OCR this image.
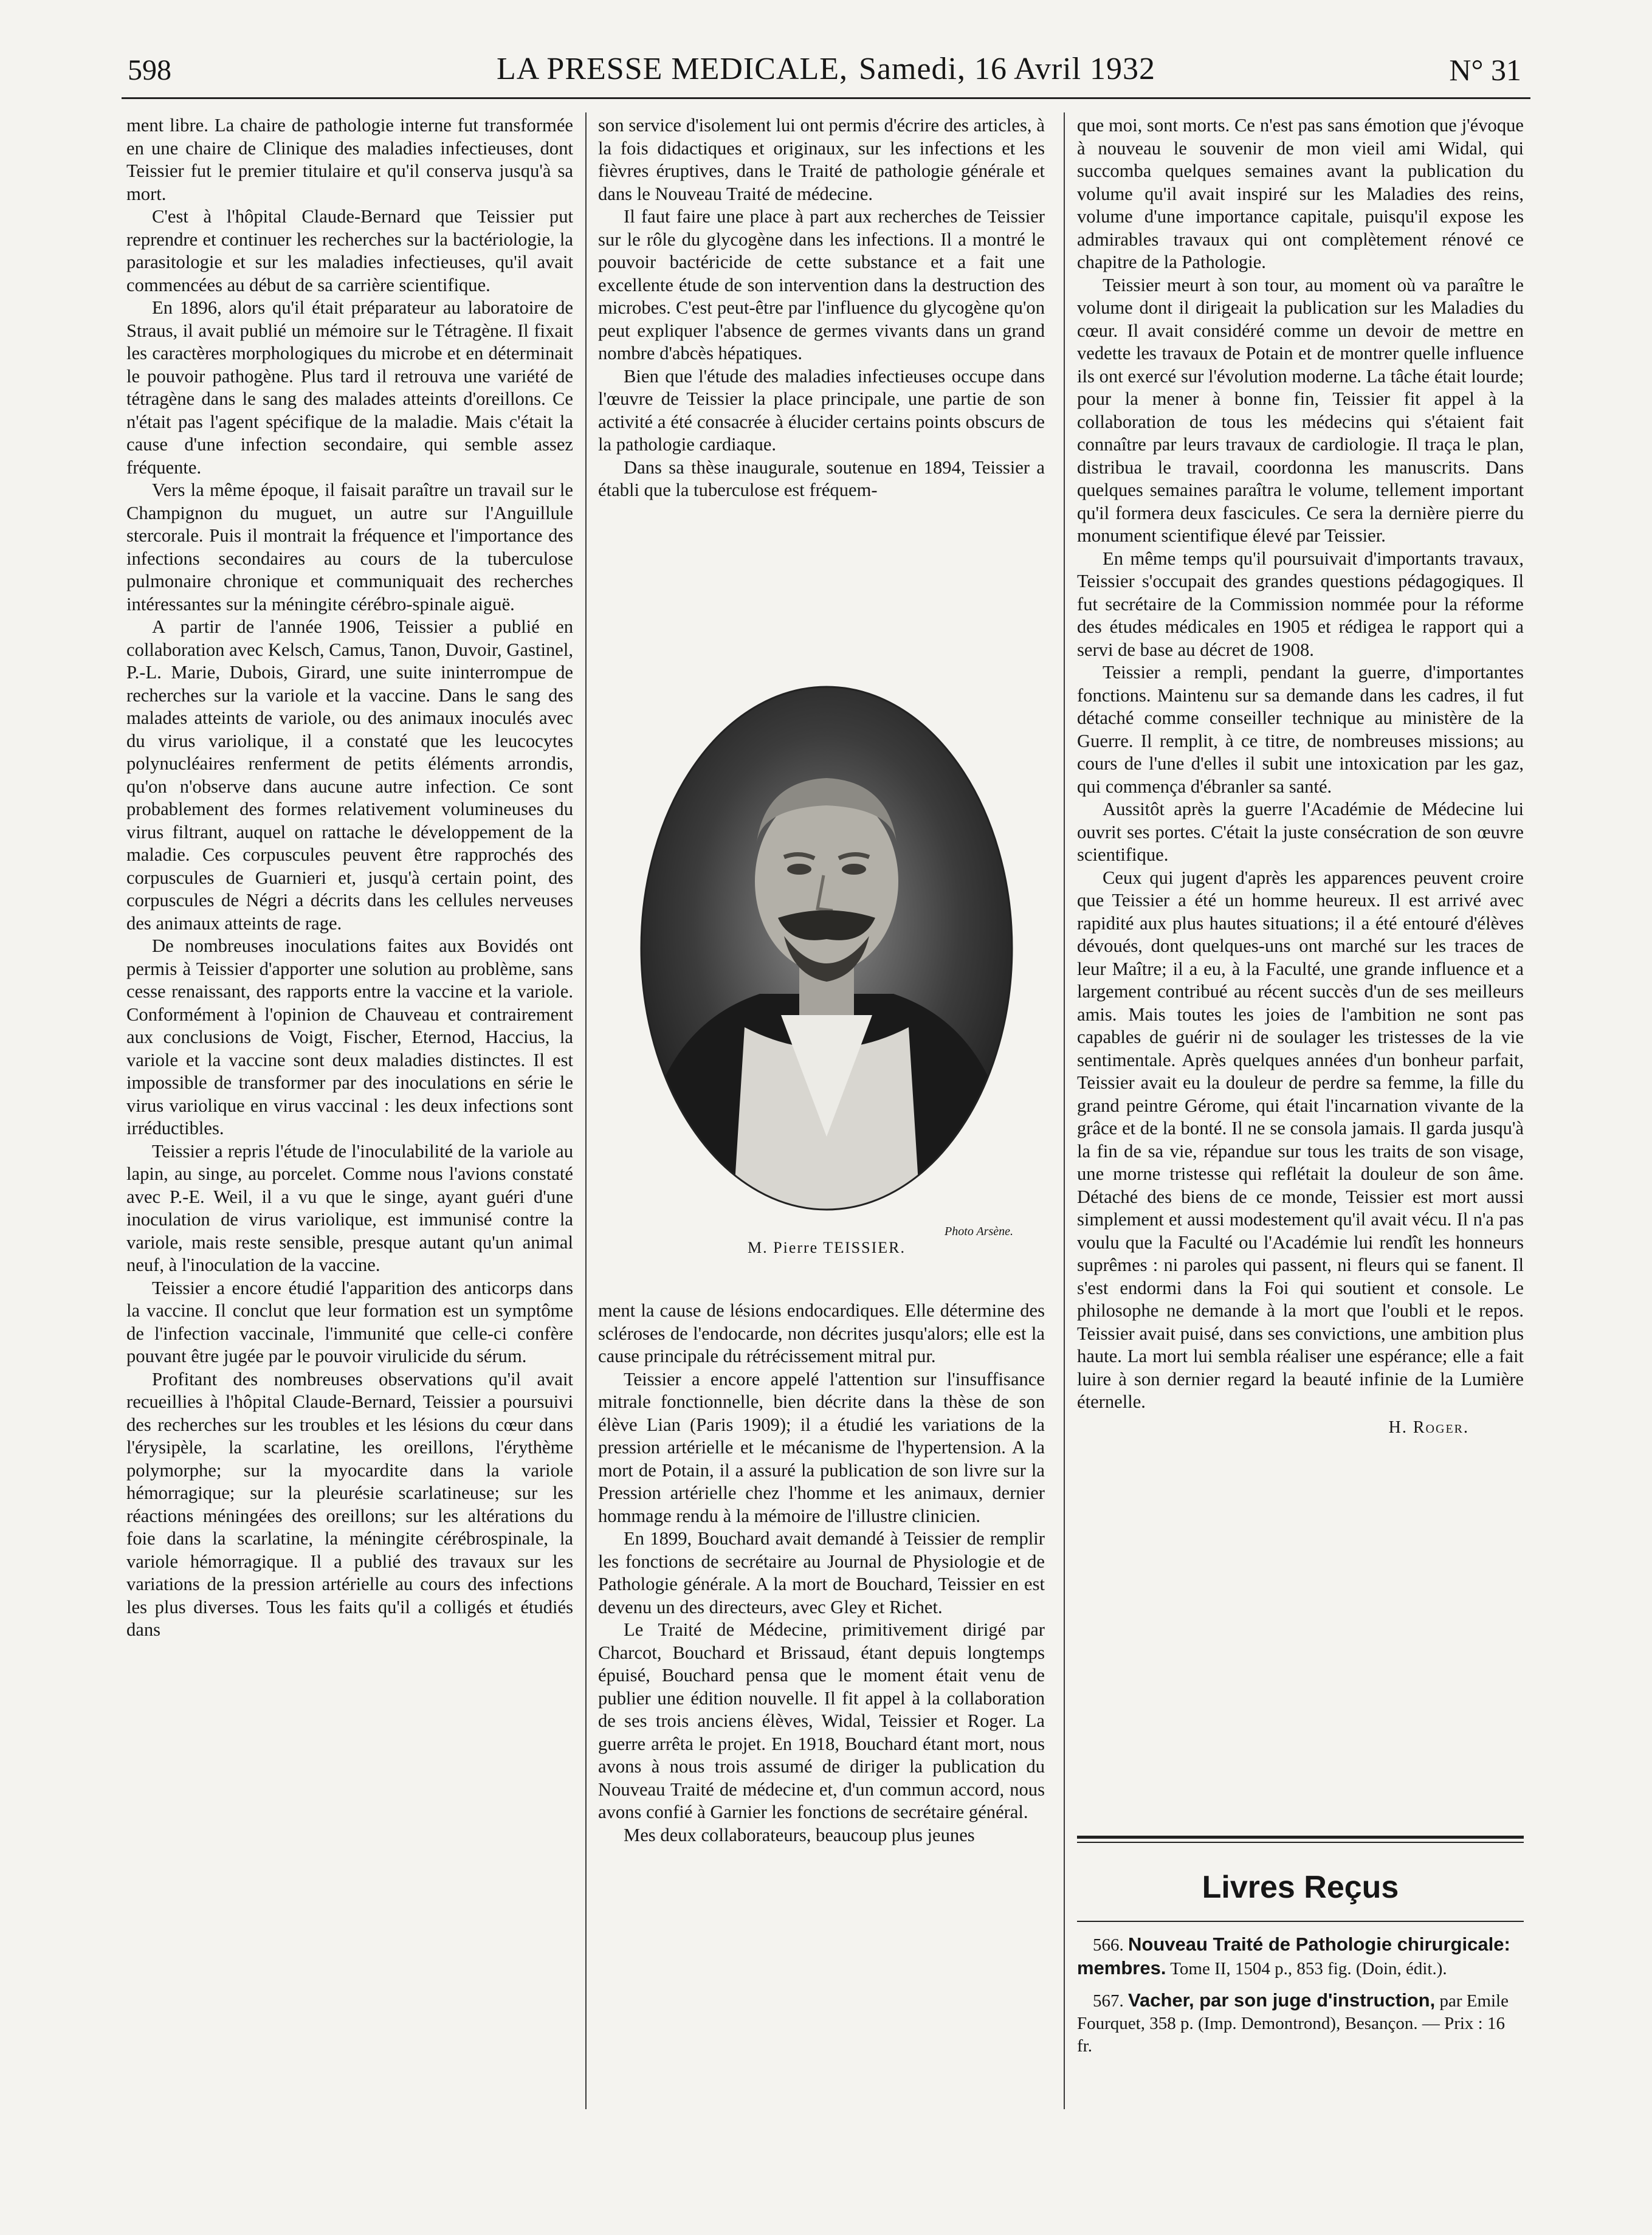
598	LA PRESSE MEDICALE, Samedi, 16 Avril 1932	N° 31

ment libre. La chaire de pathologie interne fut transformée en une chaire de Clinique des maladies infectieuses, dont Teissier fut le premier titulaire et qu'il conserva jusqu'à sa mort.

C'est à l'hôpital Claude-Bernard que Teissier put reprendre et continuer les recherches sur la bactériologie, la parasitologie et sur les maladies infectieuses, qu'il avait commencées au début de sa carrière scientifique.

En 1896, alors qu'il était préparateur au laboratoire de Straus, il avait publié un mémoire sur le Tétragène. Il fixait les caractères morphologiques du microbe et en déterminait le pouvoir pathogène. Plus tard il retrouva une variété de tétragène dans le sang des malades atteints d'oreillons. Ce n'était pas l'agent spécifique de la maladie. Mais c'était la cause d'une infection secondaire, qui semble assez fréquente.

Vers la même époque, il faisait paraître un travail sur le Champignon du muguet, un autre sur l'Anguillule stercorale. Puis il montrait la fréquence et l'importance des infections secondaires au cours de la tuberculose pulmonaire chronique et communiquait des recherches intéressantes sur la méningite cérébro-spinale aiguë.

A partir de l'année 1906, Teissier a publié en collaboration avec Kelsch, Camus, Tanon, Duvoir, Gastinel, P.-L. Marie, Dubois, Girard, une suite ininterrompue de recherches sur la variole et la vaccine. Dans le sang des malades atteints de variole, ou des animaux inoculés avec du virus variolique, il a constaté que les leucocytes polynucléaires renferment de petits éléments arrondis, qu'on n'observe dans aucune autre infection. Ce sont probablement des formes relativement volumineuses du virus filtrant, auquel on rattache le développement de la maladie. Ces corpuscules peuvent être rapprochés des corpuscules de Guarnieri et, jusqu'à certain point, des corpuscules de Négri a décrits dans les cellules nerveuses des animaux atteints de rage.

De nombreuses inoculations faites aux Bovidés ont permis à Teissier d'apporter une solution au problème, sans cesse renaissant, des rapports entre la vaccine et la variole. Conformément à l'opinion de Chauveau et contrairement aux conclusions de Voigt, Fischer, Eternod, Haccius, la variole et la vaccine sont deux maladies distinctes. Il est impossible de transformer par des inoculations en série le virus variolique en virus vaccinal : les deux infections sont irréductibles.

Teissier a repris l'étude de l'inoculabilité de la variole au lapin, au singe, au porcelet. Comme nous l'avions constaté avec P.-E. Weil, il a vu que le singe, ayant guéri d'une inoculation de virus variolique, est immunisé contre la variole, mais reste sensible, presque autant qu'un animal neuf, à l'inoculation de la vaccine.

Teissier a encore étudié l'apparition des anticorps dans la vaccine. Il conclut que leur formation est un symptôme de l'infection vaccinale, l'immunité que celle-ci confère pouvant être jugée par le pouvoir virulicide du sérum.

Profitant des nombreuses observations qu'il avait recueillies à l'hôpital Claude-Bernard, Teissier a poursuivi des recherches sur les troubles et les lésions du cœur dans l'érysipèle, la scarlatine, les oreillons, l'érythème polymorphe; sur la myocardite dans la variole hémorragique; sur la pleurésie scarlatineuse; sur les réactions méningées des oreillons; sur les altérations du foie dans la scarlatine, la méningite cérébrospinale, la variole hémorragique. Il a publié des travaux sur les variations de la pression artérielle au cours des infections les plus diverses. Tous les faits qu'il a colligés et étudiés dans

son service d'isolement lui ont permis d'écrire des articles, à la fois didactiques et originaux, sur les infections et les fièvres éruptives, dans le Traité de pathologie générale et dans le Nouveau Traité de médecine.

Il faut faire une place à part aux recherches de Teissier sur le rôle du glycogène dans les infections. Il a montré le pouvoir bactéricide de cette substance et a fait une excellente étude de son intervention dans la destruction des microbes. C'est peut-être par l'influence du glycogène qu'on peut expliquer l'absence de germes vivants dans un grand nombre d'abcès hépatiques.

Bien que l'étude des maladies infectieuses occupe dans l'œuvre de Teissier la place principale, une partie de son activité a été consacrée à élucider certains points obscurs de la pathologie cardiaque.

Dans sa thèse inaugurale, soutenue en 1894, Teissier a établi que la tuberculose est fréquem-

Photo Arsène.
M. Pierre TEISSIER.

ment la cause de lésions endocardiques. Elle détermine des scléroses de l'endocarde, non décrites jusqu'alors; elle est la cause principale du rétrécissement mitral pur.

Teissier a encore appelé l'attention sur l'insuffisance mitrale fonctionnelle, bien décrite dans la thèse de son élève Lian (Paris 1909); il a étudié les variations de la pression artérielle et le mécanisme de l'hypertension. A la mort de Potain, il a assuré la publication de son livre sur la Pression artérielle chez l'homme et les animaux, dernier hommage rendu à la mémoire de l'illustre clinicien.

En 1899, Bouchard avait demandé à Teissier de remplir les fonctions de secrétaire au Journal de Physiologie et de Pathologie générale. A la mort de Bouchard, Teissier en est devenu un des directeurs, avec Gley et Richet.

Le Traité de Médecine, primitivement dirigé par Charcot, Bouchard et Brissaud, étant depuis longtemps épuisé, Bouchard pensa que le moment était venu de publier une édition nouvelle. Il fit appel à la collaboration de ses trois anciens élèves, Widal, Teissier et Roger. La guerre arrêta le projet. En 1918, Bouchard étant mort, nous avons à nous trois assumé de diriger la publication du Nouveau Traité de médecine et, d'un commun accord, nous avons confié à Garnier les fonctions de secrétaire général.

Mes deux collaborateurs, beaucoup plus jeunes

que moi, sont morts. Ce n'est pas sans émotion que j'évoque à nouveau le souvenir de mon vieil ami Widal, qui succomba quelques semaines avant la publication du volume qu'il avait inspiré sur les Maladies des reins, volume d'une importance capitale, puisqu'il expose les admirables travaux qui ont complètement rénové ce chapitre de la Pathologie.

Teissier meurt à son tour, au moment où va paraître le volume dont il dirigeait la publication sur les Maladies du cœur. Il avait considéré comme un devoir de mettre en vedette les travaux de Potain et de montrer quelle influence ils ont exercé sur l'évolution moderne. La tâche était lourde; pour la mener à bonne fin, Teissier fit appel à la collaboration de tous les médecins qui s'étaient fait connaître par leurs travaux de cardiologie. Il traça le plan, distribua le travail, coordonna les manuscrits. Dans quelques semaines paraîtra le volume, tellement important qu'il formera deux fascicules. Ce sera la dernière pierre du monument scientifique élevé par Teissier.

En même temps qu'il poursuivait d'importants travaux, Teissier s'occupait des grandes questions pédagogiques. Il fut secrétaire de la Commission nommée pour la réforme des études médicales en 1905 et rédigea le rapport qui a servi de base au décret de 1908.

Teissier a rempli, pendant la guerre, d'importantes fonctions. Maintenu sur sa demande dans les cadres, il fut détaché comme conseiller technique au ministère de la Guerre. Il remplit, à ce titre, de nombreuses missions; au cours de l'une d'elles il subit une intoxication par les gaz, qui commença d'ébranler sa santé.

Aussitôt après la guerre l'Académie de Médecine lui ouvrit ses portes. C'était la juste consécration de son œuvre scientifique.

Ceux qui jugent d'après les apparences peuvent croire que Teissier a été un homme heureux. Il est arrivé avec rapidité aux plus hautes situations; il a été entouré d'élèves dévoués, dont quelques-uns ont marché sur les traces de leur Maître; il a eu, à la Faculté, une grande influence et a largement contribué au récent succès d'un de ses meilleurs amis. Mais toutes les joies de l'ambition ne sont pas capables de guérir ni de soulager les tristesses de la vie sentimentale. Après quelques années d'un bonheur parfait, Teissier avait eu la douleur de perdre sa femme, la fille du grand peintre Gérome, qui était l'incarnation vivante de la grâce et de la bonté. Il ne se consola jamais. Il garda jusqu'à la fin de sa vie, répandue sur tous les traits de son visage, une morne tristesse qui reflétait la douleur de son âme. Détaché des biens de ce monde, Teissier est mort aussi simplement et aussi modestement qu'il avait vécu. Il n'a pas voulu que la Faculté ou l'Académie lui rendît les honneurs suprêmes : ni paroles qui passent, ni fleurs qui se fanent. Il s'est endormi dans la Foi qui soutient et console. Le philosophe ne demande à la mort que l'oubli et le repos. Teissier avait puisé, dans ses convictions, une ambition plus haute. La mort lui sembla réaliser une espérance; elle a fait luire à son dernier regard la beauté infinie de la Lumière éternelle.

H. Roger.
Livres Reçus

566. Nouveau Traité de Pathologie chirurgicale: membres. Tome II, 1504 p., 853 fig. (Doin, édit.).

567. Vacher, par son juge d'instruction, par Emile Fourquet, 358 p. (Imp. Demontrond), Besançon. — Prix : 16 fr.
